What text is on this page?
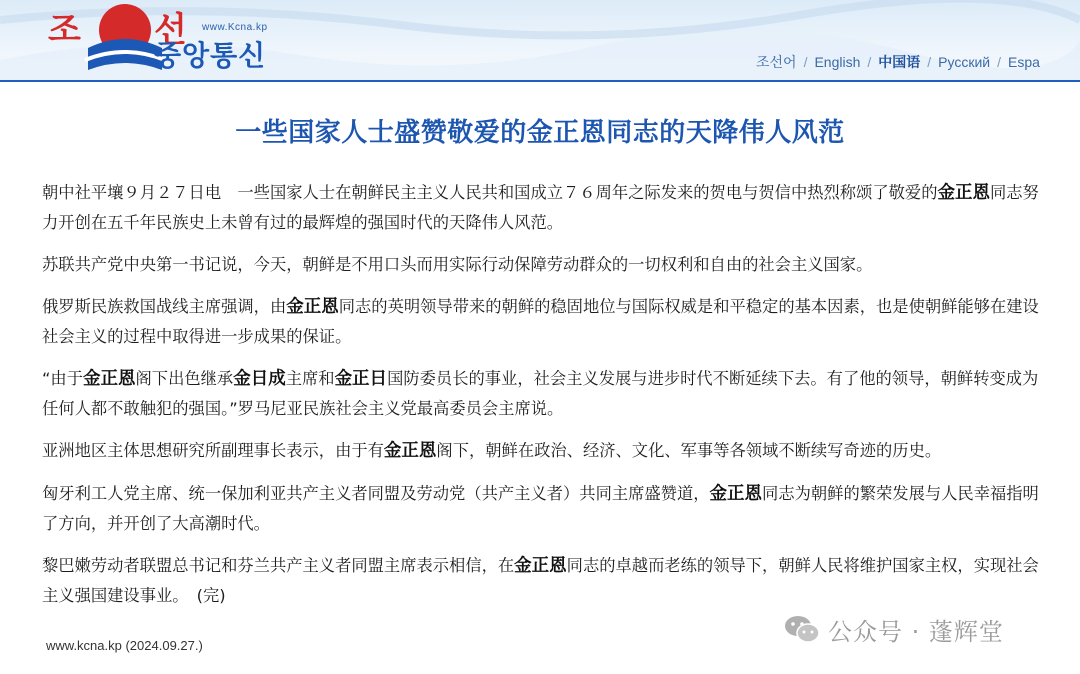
조 선 www.Kcna.kp
중앙통신	조선어 / English / 中国语 / Русский / Espa
一些国家人士盛赞敬爱的金正恩同志的天降伟人风范

朝中社平壤９月２７日电　一些国家人士在朝鲜民主主义人民共和国成立７６周年之际发来的贺电与贺信中热烈称颂了敬爱的金正恩同志努力开创在五千年民族史上未曾有过的最辉煌的强国时代的天降伟人风范。

苏联共产党中央第一书记说，今天，朝鲜是不用口头而用实际行动保障劳动群众的一切权利和自由的社会主义国家。

俄罗斯民族救国战线主席强调，由金正恩同志的英明领导带来的朝鲜的稳固地位与国际权威是和平稳定的基本因素，也是使朝鲜能够在建设社会主义的过程中取得进一步成果的保证。

“由于金正恩阁下出色继承金日成主席和金正日国防委员长的事业，社会主义发展与进步时代不断延续下去。有了他的领导，朝鲜转变成为任何人都不敢触犯的强国。”罗马尼亚民族社会主义党最高委员会主席说。

亚洲地区主体思想研究所副理事长表示，由于有金正恩阁下，朝鲜在政治、经济、文化、军事等各领域不断续写奇迹的历史。

匈牙利工人党主席、统一保加利亚共产主义者同盟及劳动党（共产主义者）共同主席盛赞道，金正恩同志为朝鲜的繁荣发展与人民幸福指明了方向，并开创了大高潮时代。

黎巴嫩劳动者联盟总书记和芬兰共产主义者同盟主席表示相信，在金正恩同志的卓越而老练的领导下，朝鲜人民将维护国家主权，实现社会主义强国建设事业。　(完)

www.kcna.kp (2024.09.27.)	公众号 · 蓬辉堂
